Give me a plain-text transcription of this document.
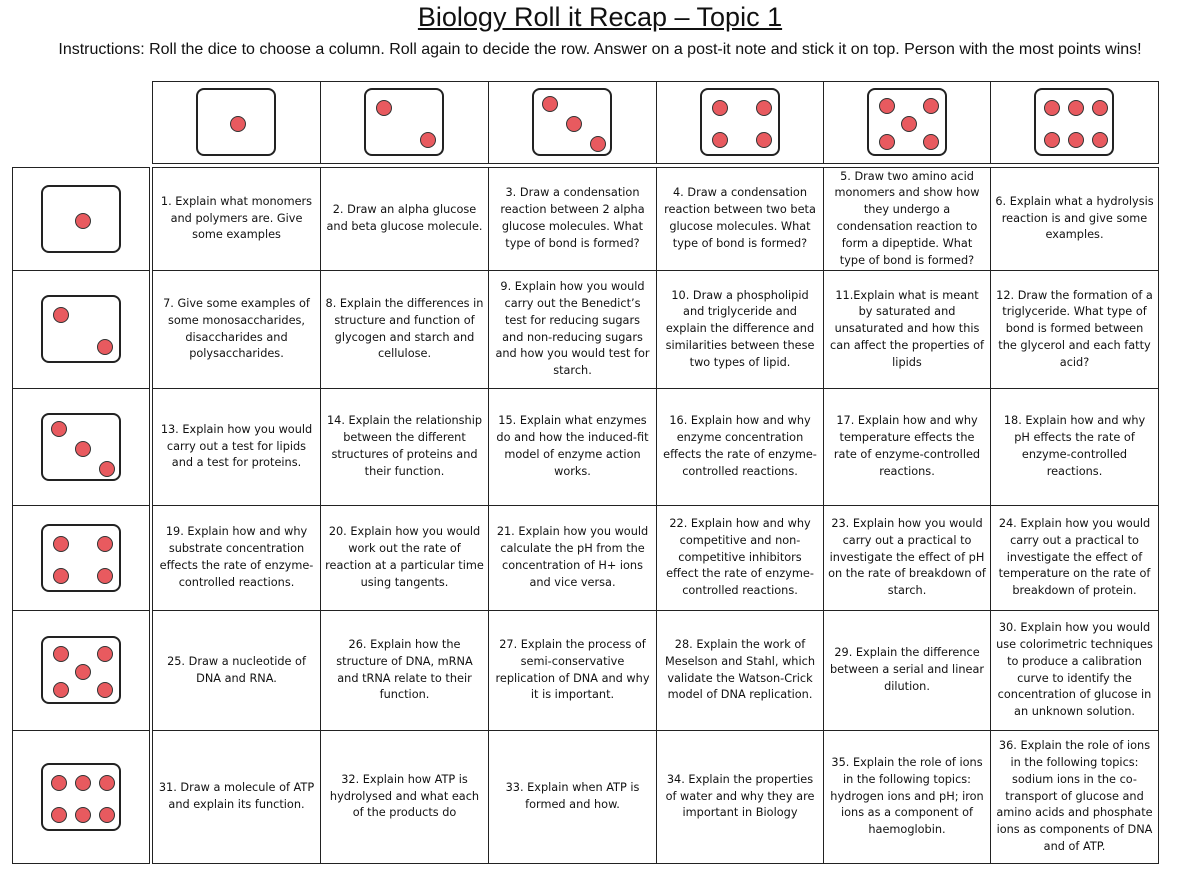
Biology Roll it Recap – Topic 1
Instructions: Roll the dice to choose a column. Roll again to decide the row. Answer on a post-it note and stick it on top. Person with the most points wins!
1. Explain what monomers and polymers are. Give some examples
2. Draw an alpha glucose and beta glucose molecule.
3. Draw a condensation reaction between 2 alpha glucose molecules. What type of bond is formed?
4. Draw a condensation reaction between two beta glucose molecules. What type of bond is formed?
5. Draw two amino acid monomers and show how they undergo a condensation reaction to form a dipeptide. What type of bond is formed?
6. Explain what a hydrolysis reaction is and give some examples.
7. Give some examples of some monosaccharides, disaccharides and polysaccharides.
8. Explain the differences in structure and function of glycogen and starch and cellulose.
9. Explain how you would carry out the Benedict’s test for reducing sugars and non-reducing sugars and how you would test for starch.
10. Draw a phospholipid and triglyceride and explain the difference and similarities between these two types of lipid.
11.Explain what is meant by saturated and unsaturated and how this can affect the properties of lipids
12. Draw the formation of a triglyceride. What type of bond is formed between the glycerol and each fatty acid?
13. Explain how you would carry out a test for lipids and a test for proteins.
14. Explain the relationship between the different structures of proteins and their function.
15. Explain what enzymes do and how the induced-fit model of enzyme action works.
16. Explain how and why enzyme concentration effects the rate of enzyme-controlled reactions.
17. Explain how and why temperature effects the rate of enzyme-controlled reactions.
18. Explain how and why pH effects the rate of enzyme-controlled reactions.
19. Explain how and why substrate concentration effects the rate of enzyme-controlled reactions.
20. Explain how you would work out the rate of reaction at a particular time using tangents.
21. Explain how you would calculate the pH from the concentration of H+ ions and vice versa.
22. Explain how and why competitive and non-competitive inhibitors effect the rate of enzyme-controlled reactions.
23. Explain how you would carry out a practical to investigate the effect of pH on the rate of breakdown of starch.
24. Explain how you would carry out a practical to investigate the effect of temperature on the rate of breakdown of protein.
25. Draw a nucleotide of DNA and RNA.
26. Explain how the structure of DNA, mRNA and tRNA relate to their function.
27. Explain the process of semi-conservative replication of DNA and why it is important.
28. Explain the work of Meselson and Stahl, which validate the Watson-Crick model of DNA replication.
29. Explain the difference between a serial and linear dilution.
30. Explain how you would use colorimetric techniques to produce a calibration curve to identify the concentration of glucose in an unknown solution.
31. Draw a molecule of ATP and explain its function.
32. Explain how ATP is hydrolysed and what each of the products do
33. Explain when ATP is formed and how.
34. Explain the properties of water and why they are important in Biology
35. Explain the role of ions in the following topics: hydrogen ions and pH; iron ions as a component of haemoglobin.
36. Explain the role of ions in the following topics: sodium ions in the co-transport of glucose and amino acids and phosphate ions as components of DNA and of ATP.
